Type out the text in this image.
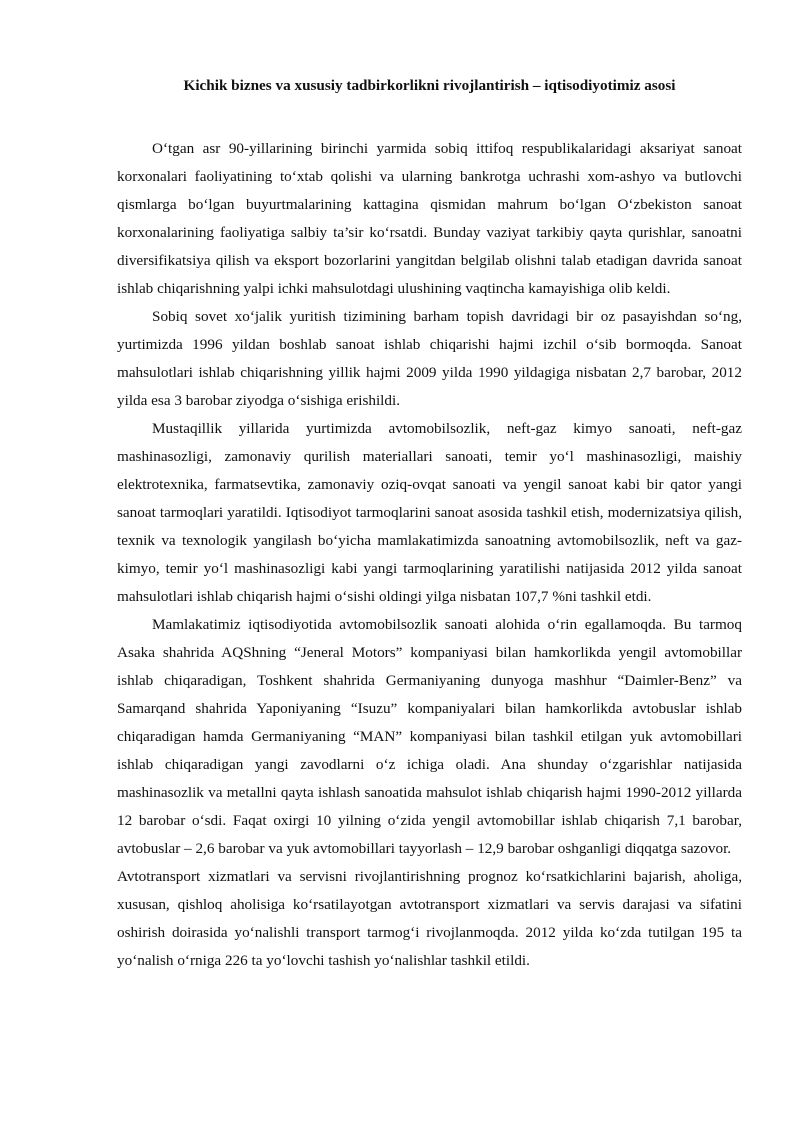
Kichik biznes va xususiy tadbirkorlikni rivojlantirish – iqtisodiyotimiz asosi

O‘tgan asr 90-yillarining birinchi yarmida sobiq ittifoq respublikalaridagi aksariyat sanoat korxonalari faoliyatining to‘xtab qolishi va ularning bankrotga uchrashi xom-ashyo va butlovchi qismlarga bo‘lgan buyurtmalarining kattagina qismidan mahrum bo‘lgan O‘zbekiston sanoat korxonalarining faoliyatiga salbiy ta’sir ko‘rsatdi. Bunday vaziyat tarkibiy qayta qurishlar, sanoatni diversifikatsiya qilish va eksport bozorlarini yangitdan belgilab olishni talab etadigan davrida sanoat ishlab chiqarishning yalpi ichki mahsulotdagi ulushining vaqtincha kamayishiga olib keldi.

Sobiq sovet xo‘jalik yuritish tizimining barham topish davridagi bir oz pasayishdan so‘ng, yurtimizda 1996 yildan boshlab sanoat ishlab chiqarishi hajmi izchil o‘sib bormoqda. Sanoat mahsulotlari ishlab chiqarishning yillik hajmi 2009 yilda 1990 yildagiga nisbatan 2,7 barobar, 2012 yilda esa 3 barobar ziyodga o‘sishiga erishildi.

Mustaqillik yillarida yurtimizda avtomobilsozlik, neft-gaz kimyo sanoati, neft-gaz mashinasozligi, zamonaviy qurilish materiallari sanoati, temir yo‘l mashinasozligi, maishiy elektrotexnika, farmatsevtika, zamonaviy oziq-ovqat sanoati va yengil sanoat kabi bir qator yangi sanoat tarmoqlari yaratildi. Iqtisodiyot tarmoqlarini sanoat asosida tashkil etish, modernizatsiya qilish, texnik va texnologik yangilash bo‘yicha mamlakatimizda sanoatning avtomobilsozlik, neft va gaz-kimyo, temir yo‘l mashinasozligi kabi yangi tarmoqlarining yaratilishi natijasida 2012 yilda sanoat mahsulotlari ishlab chiqarish hajmi o‘sishi oldingi yilga nisbatan 107,7 %ni tashkil etdi.

Mamlakatimiz iqtisodiyotida avtomobilsozlik sanoati alohida o‘rin egallamoqda. Bu tarmoq Asaka shahrida AQShning “Jeneral Motors” kompaniyasi bilan hamkorlikda yengil avtomobillar ishlab chiqaradigan, Toshkent shahrida Germaniyaning dunyoga mashhur “Daimler-Benz” va Samarqand shahrida Yaponiyaning “Isuzu” kompaniyalari bilan hamkorlikda avtobuslar ishlab chiqaradigan hamda Germaniyaning “MAN” kompaniyasi bilan tashkil etilgan yuk avtomobillari ishlab chiqaradigan yangi zavodlarni o‘z ichiga oladi. Ana shunday o‘zgarishlar natijasida mashinasozlik va metallni qayta ishlash sanoatida mahsulot ishlab chiqarish hajmi 1990-2012 yillarda 12 barobar o‘sdi. Faqat oxirgi 10 yilning o‘zida yengil avtomobillar ishlab chiqarish 7,1 barobar, avtobuslar – 2,6 barobar va yuk avtomobillari tayyorlash – 12,9 barobar oshganligi diqqatga sazovor.

Avtotransport xizmatlari va servisni rivojlantirishning prognoz ko‘rsatkichlarini bajarish, aholiga, xususan, qishloq aholisiga ko‘rsatilayotgan avtotransport xizmatlari va servis darajasi va sifatini oshirish doirasida yo‘nalishli transport tarmog‘i rivojlanmoqda. 2012 yilda ko‘zda tutilgan 195 ta yo‘nalish o‘rniga 226 ta yo‘lovchi tashish yo‘nalishlar tashkil etildi.
